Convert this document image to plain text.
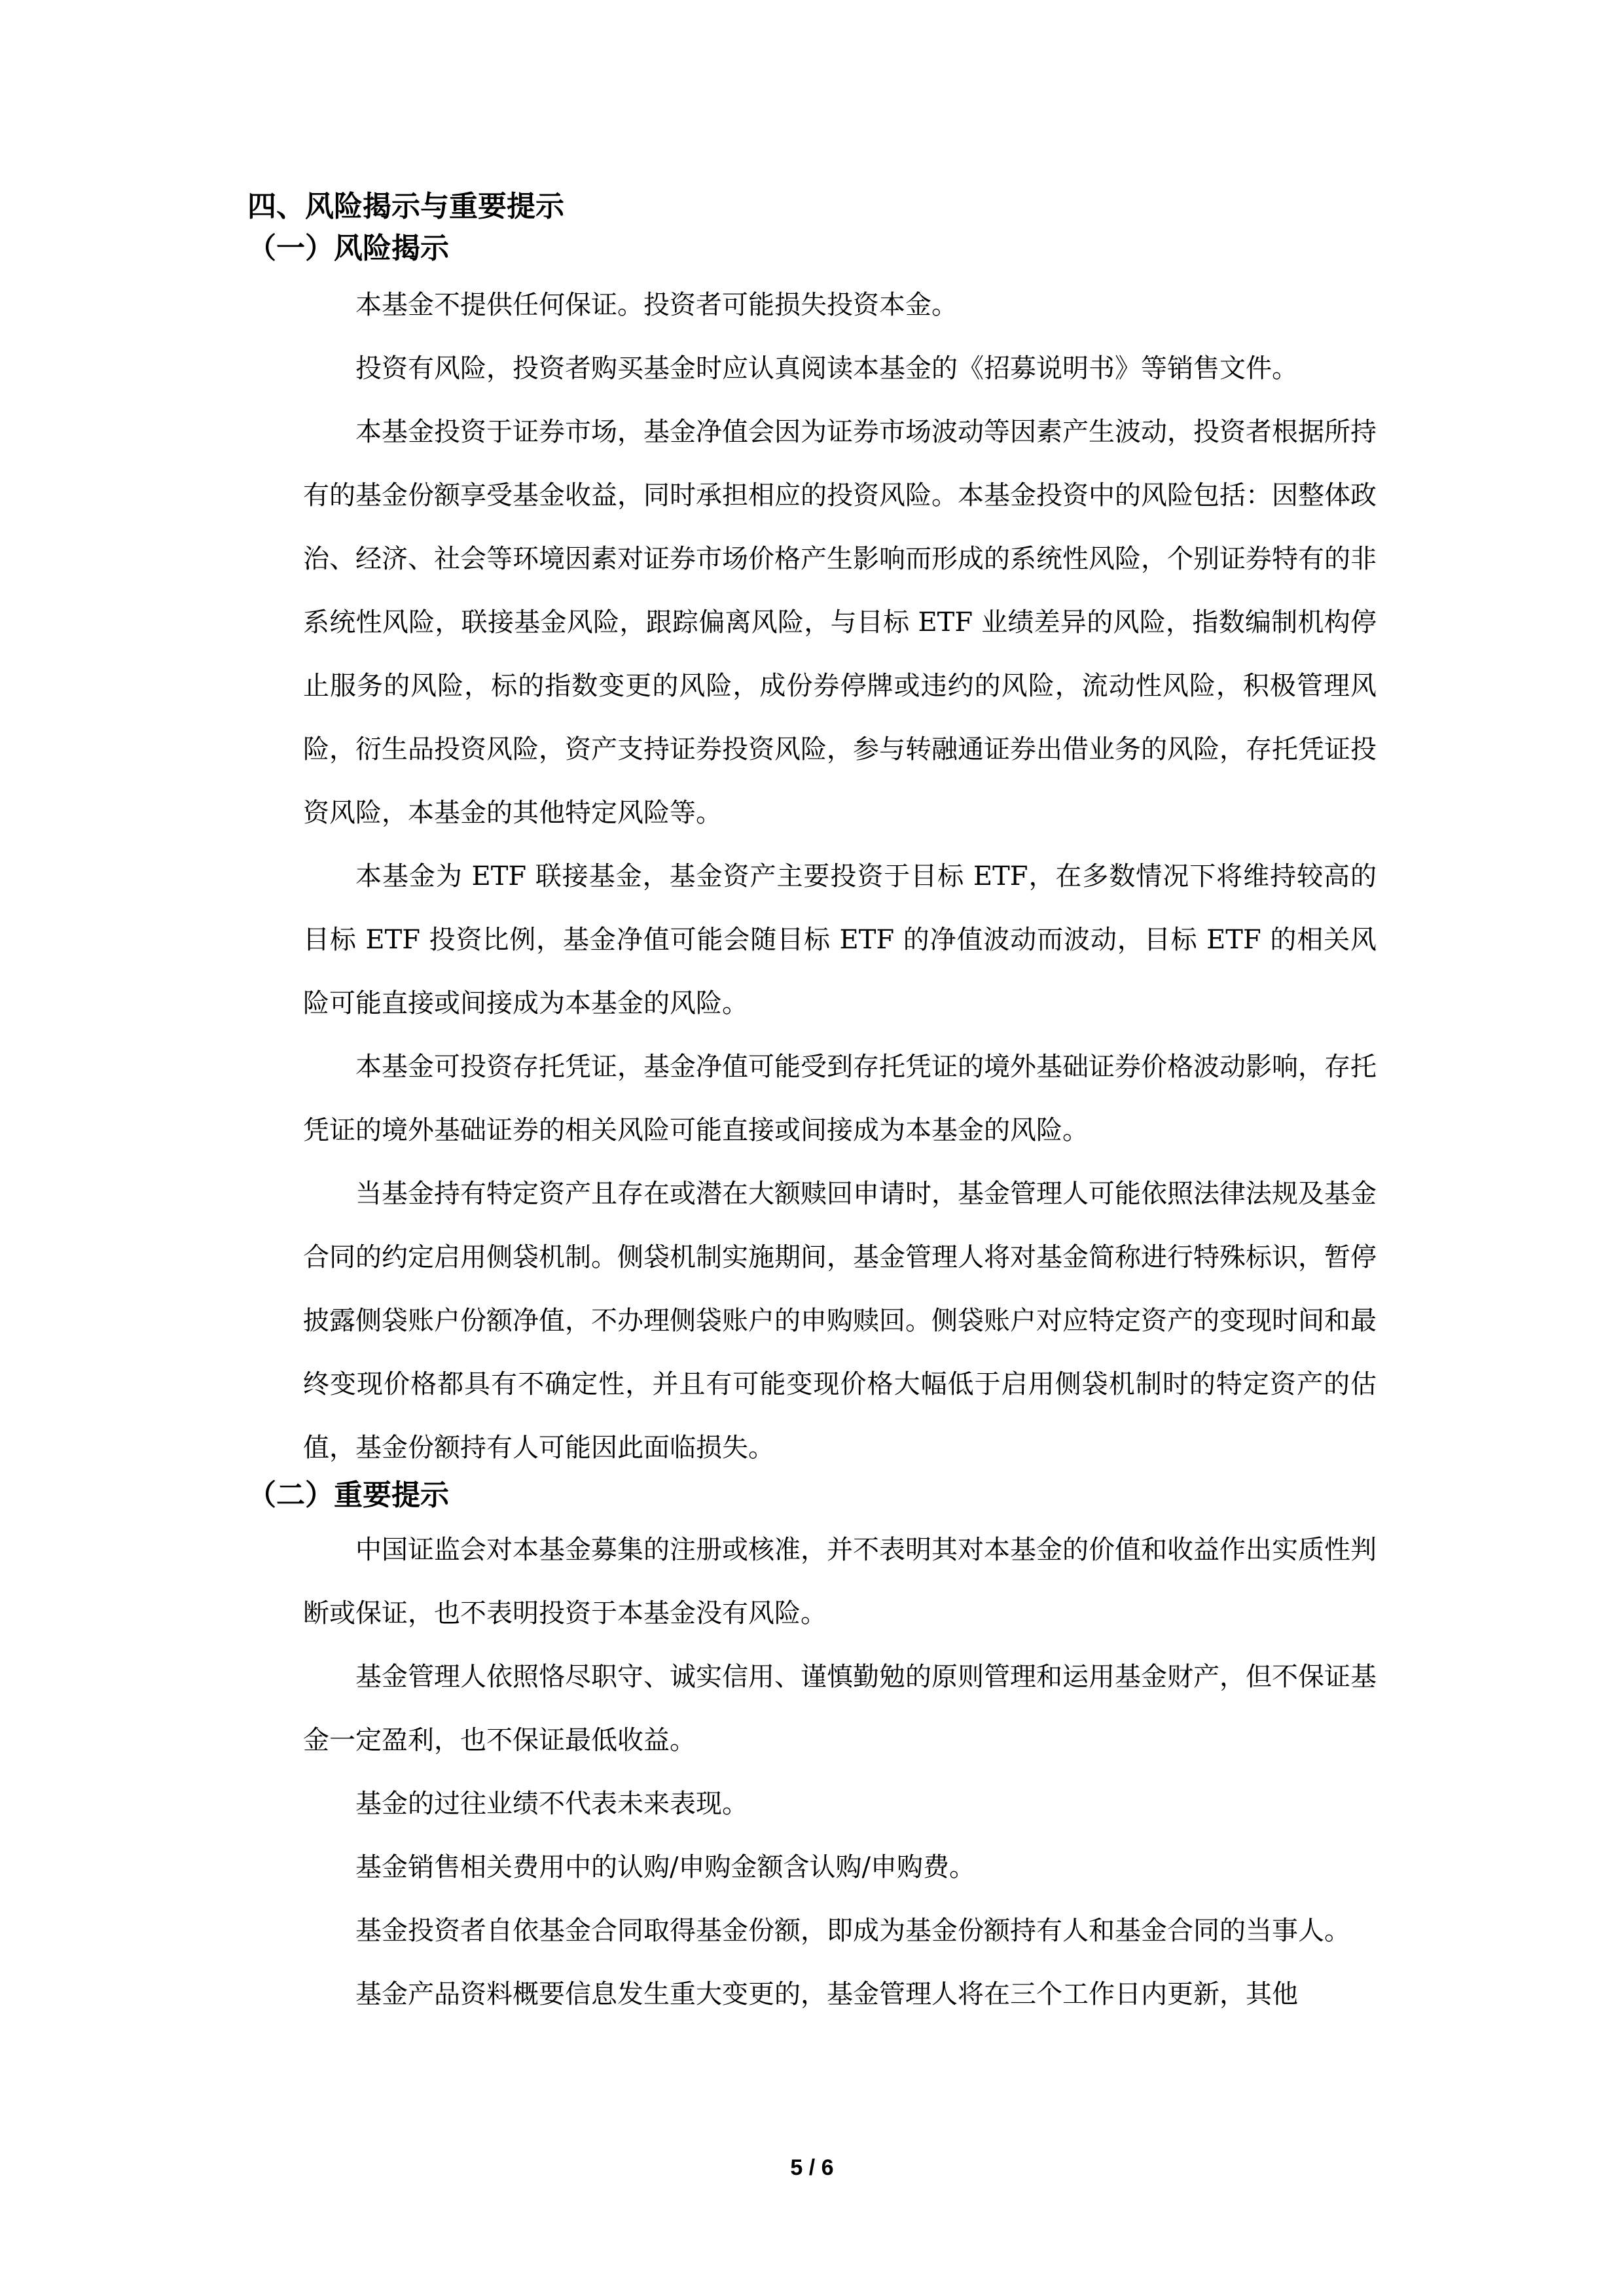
四、风险揭示与重要提示
（一）风险揭示

本基金不提供任何保证。投资者可能损失投资本金。

投资有风险，投资者购买基金时应认真阅读本基金的《招募说明书》等销售文件。

本基金投资于证券市场，基金净值会因为证券市场波动等因素产生波动，投资者根据所持有的基金份额享受基金收益，同时承担相应的投资风险。本基金投资中的风险包括：因整体政治、经济、社会等环境因素对证券市场价格产生影响而形成的系统性风险，个别证券特有的非系统性风险，联接基金风险，跟踪偏离风险，与目标 ETF 业绩差异的风险，指数编制机构停止服务的风险，标的指数变更的风险，成份券停牌或违约的风险，流动性风险，积极管理风险，衍生品投资风险，资产支持证券投资风险，参与转融通证券出借业务的风险，存托凭证投资风险，本基金的其他特定风险等。

本基金为 ETF 联接基金，基金资产主要投资于目标 ETF，在多数情况下将维持较高的目标 ETF 投资比例，基金净值可能会随目标 ETF 的净值波动而波动，目标 ETF 的相关风险可能直接或间接成为本基金的风险。

本基金可投资存托凭证，基金净值可能受到存托凭证的境外基础证券价格波动影响，存托凭证的境外基础证券的相关风险可能直接或间接成为本基金的风险。

当基金持有特定资产且存在或潜在大额赎回申请时，基金管理人可能依照法律法规及基金合同的约定启用侧袋机制。侧袋机制实施期间，基金管理人将对基金简称进行特殊标识，暂停披露侧袋账户份额净值，不办理侧袋账户的申购赎回。侧袋账户对应特定资产的变现时间和最终变现价格都具有不确定性，并且有可能变现价格大幅低于启用侧袋机制时的特定资产的估值，基金份额持有人可能因此面临损失。

（二）重要提示

中国证监会对本基金募集的注册或核准，并不表明其对本基金的价值和收益作出实质性判断或保证，也不表明投资于本基金没有风险。

基金管理人依照恪尽职守、诚实信用、谨慎勤勉的原则管理和运用基金财产，但不保证基金一定盈利，也不保证最低收益。

基金的过往业绩不代表未来表现。

基金销售相关费用中的认购/申购金额含认购/申购费。

基金投资者自依基金合同取得基金份额，即成为基金份额持有人和基金合同的当事人。

基金产品资料概要信息发生重大变更的，基金管理人将在三个工作日内更新，其他

5 / 6
